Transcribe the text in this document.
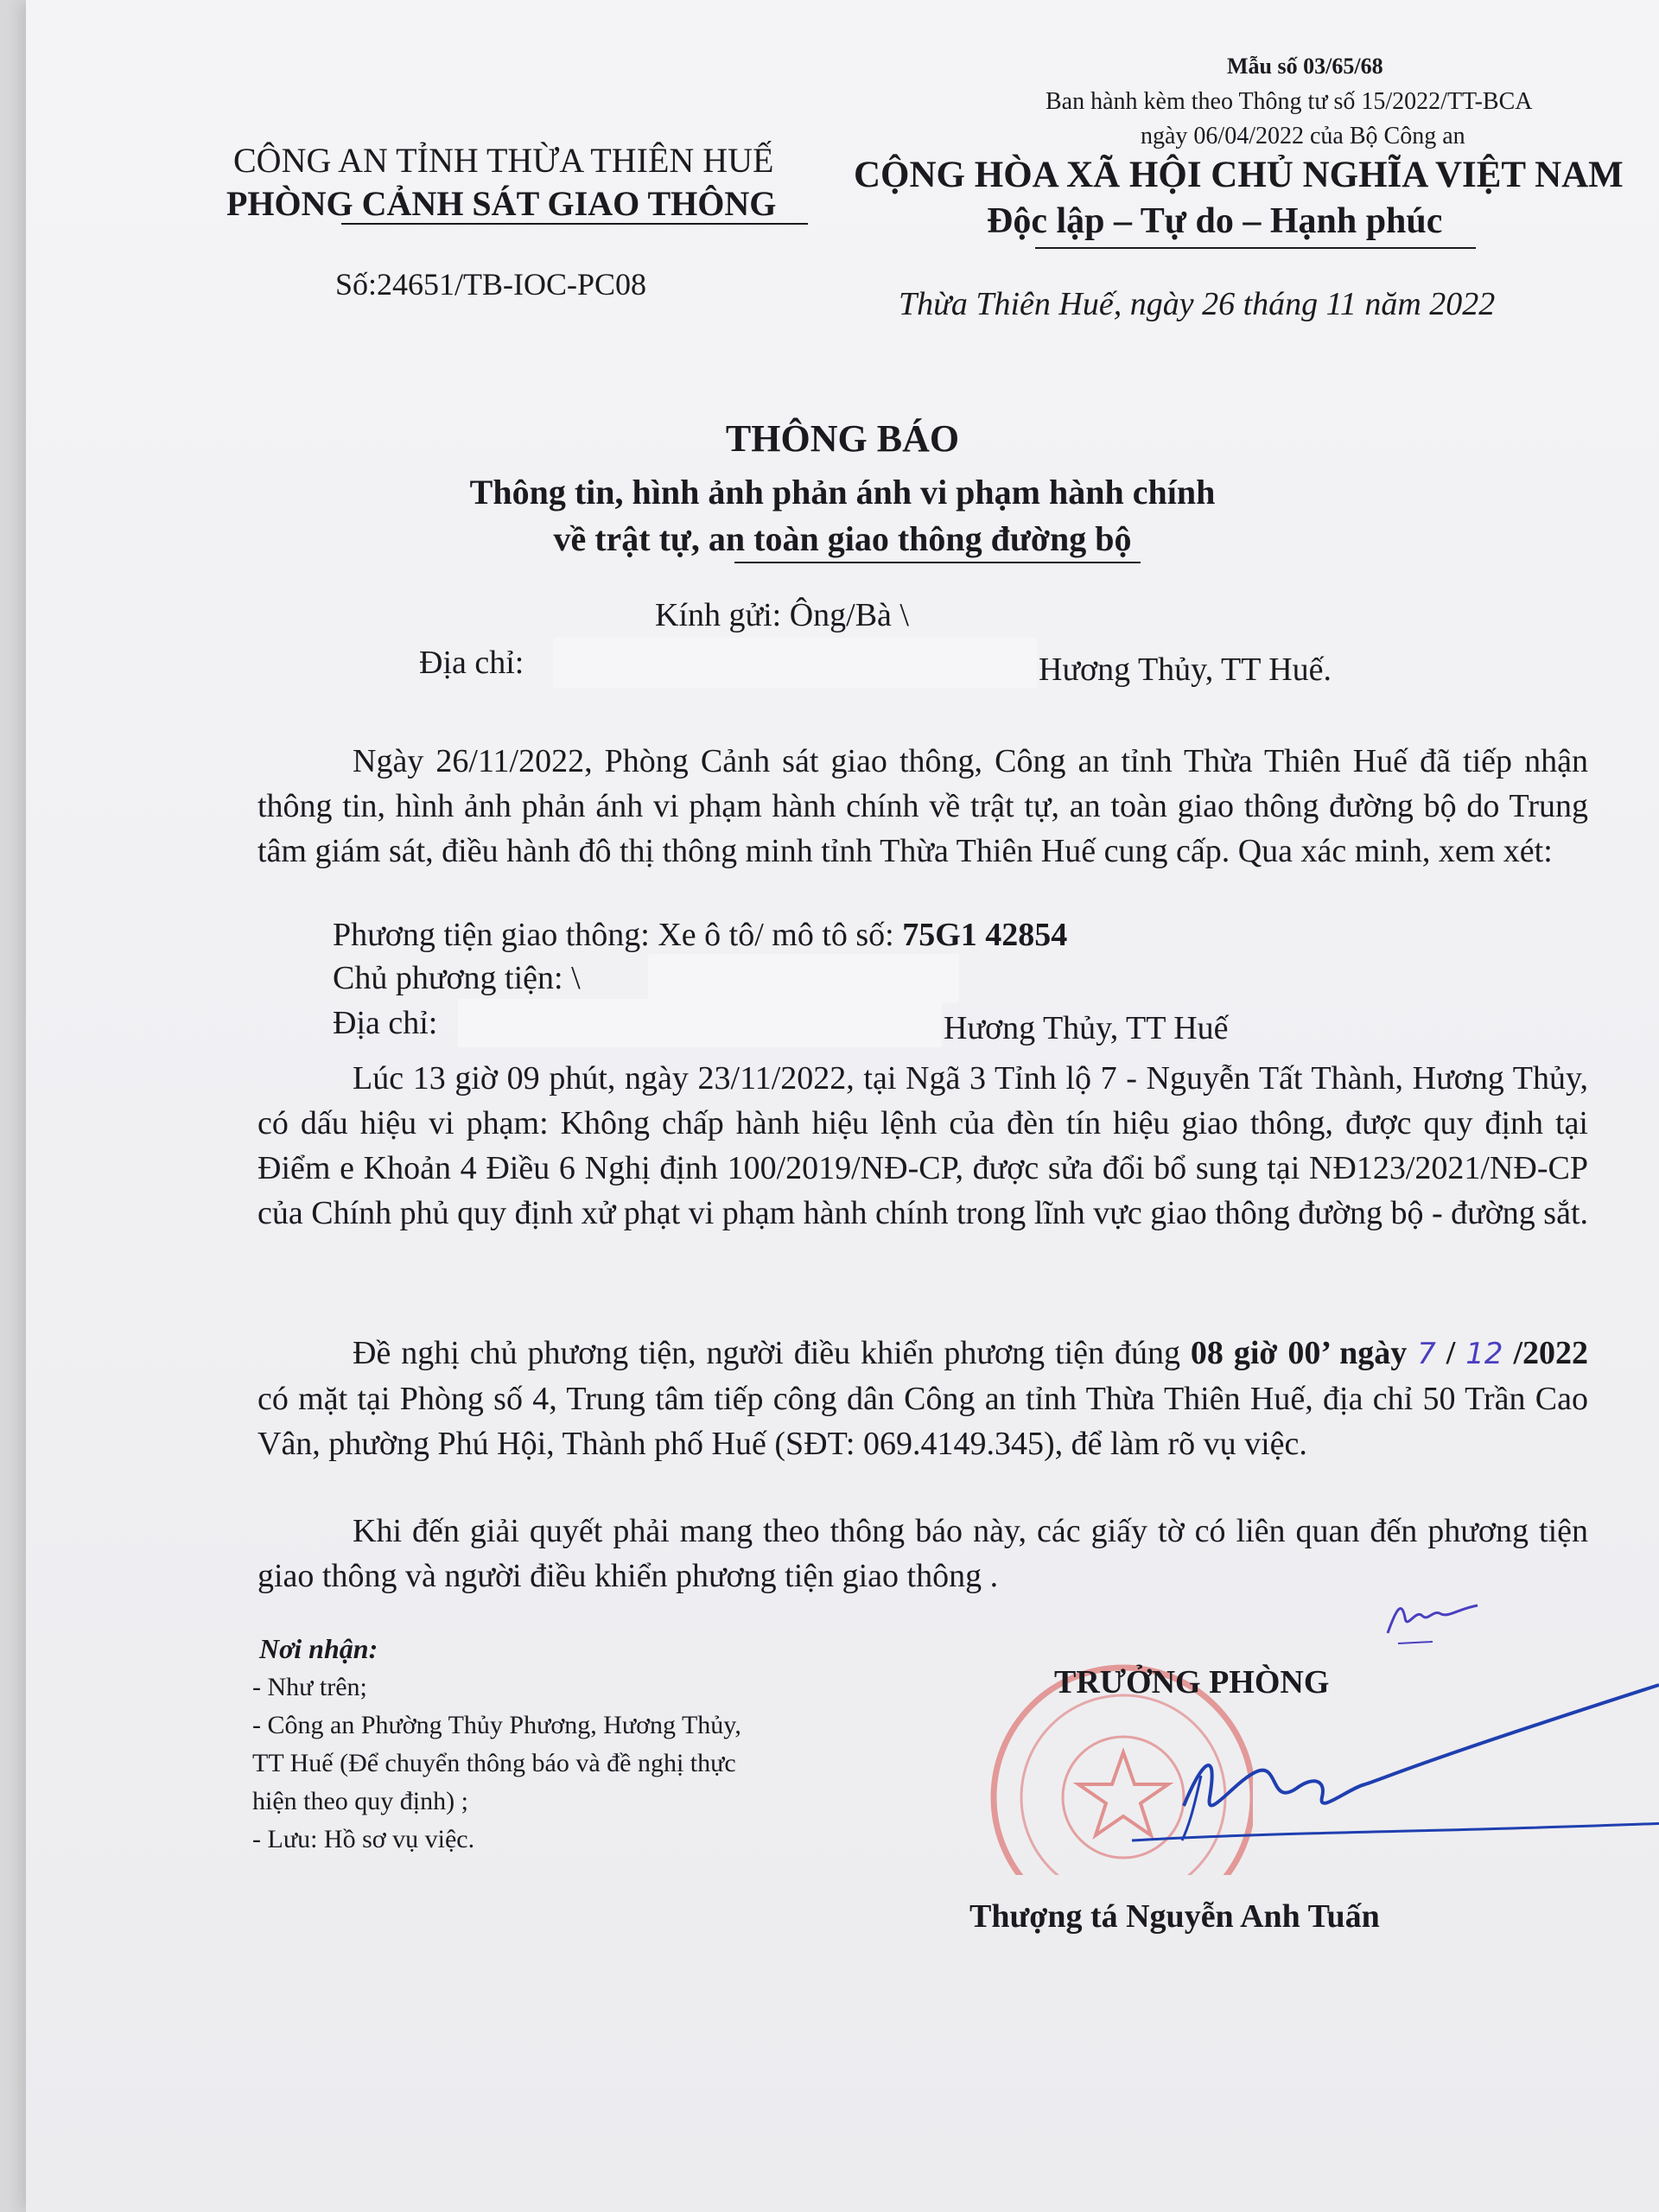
Mẫu số 03/65/68
Ban hành kèm theo Thông tư số 15/2022/TT-BCA
ngày 06/04/2022 của Bộ Công an
CÔNG AN TỈNH THỪA THIÊN HUẾ
PHÒNG CẢNH SÁT GIAO THÔNG
Số:24651/TB-IOC-PC08
CỘNG HÒA XÃ HỘI CHỦ NGHĨA VIỆT NAM
Độc lập – Tự do – Hạnh phúc
Thừa Thiên Huế, ngày 26 tháng 11 năm 2022
THÔNG BÁO
Thông tin, hình ảnh phản ánh vi phạm hành chính
về trật tự, an toàn giao thông đường bộ
Kính gửi: Ông/Bà \
Địa chỉ:	Hương Thủy, TT Huế.
Ngày 26/11/2022, Phòng Cảnh sát giao thông, Công an tỉnh Thừa Thiên Huế đã tiếp nhận thông tin, hình ảnh phản ánh vi phạm hành chính về trật tự, an toàn giao thông đường bộ do Trung tâm giám sát, điều hành đô thị thông minh tỉnh Thừa Thiên Huế cung cấp. Qua xác minh, xem xét:
Phương tiện giao thông: Xe ô tô/ mô tô số: 75G1 42854
Chủ phương tiện: \
Địa chỉ:	Hương Thủy, TT Huế
Lúc 13 giờ 09 phút, ngày 23/11/2022, tại Ngã 3 Tỉnh lộ 7 - Nguyễn Tất Thành, Hương Thủy, có dấu hiệu vi phạm: Không chấp hành hiệu lệnh của đèn tín hiệu giao thông, được quy định tại Điểm e Khoản 4 Điều 6 Nghị định 100/2019/NĐ-CP, được sửa đổi bổ sung tại NĐ123/2021/NĐ-CP của Chính phủ quy định xử phạt vi phạm hành chính trong lĩnh vực giao thông đường bộ - đường sắt.
Đề nghị chủ phương tiện, người điều khiển phương tiện đúng 08 giờ 00’ ngày 7 / 12 /2022 có mặt tại Phòng số 4, Trung tâm tiếp công dân Công an tỉnh Thừa Thiên Huế, địa chỉ 50 Trần Cao Vân, phường Phú Hội, Thành phố Huế (SĐT: 069.4149.345), để làm rõ vụ việc.
Khi đến giải quyết phải mang theo thông báo này, các giấy tờ có liên quan đến phương tiện giao thông và người điều khiển phương tiện giao thông .
Nơi nhận:
- Như trên;
- Công an Phường Thủy Phương, Hương Thủy,
TT Huế (Để chuyển thông báo và đề nghị thực
hiện theo quy định) ;
- Lưu: Hồ sơ vụ việc.
TRƯỞNG PHÒNG
Thượng tá Nguyễn Anh Tuấn
